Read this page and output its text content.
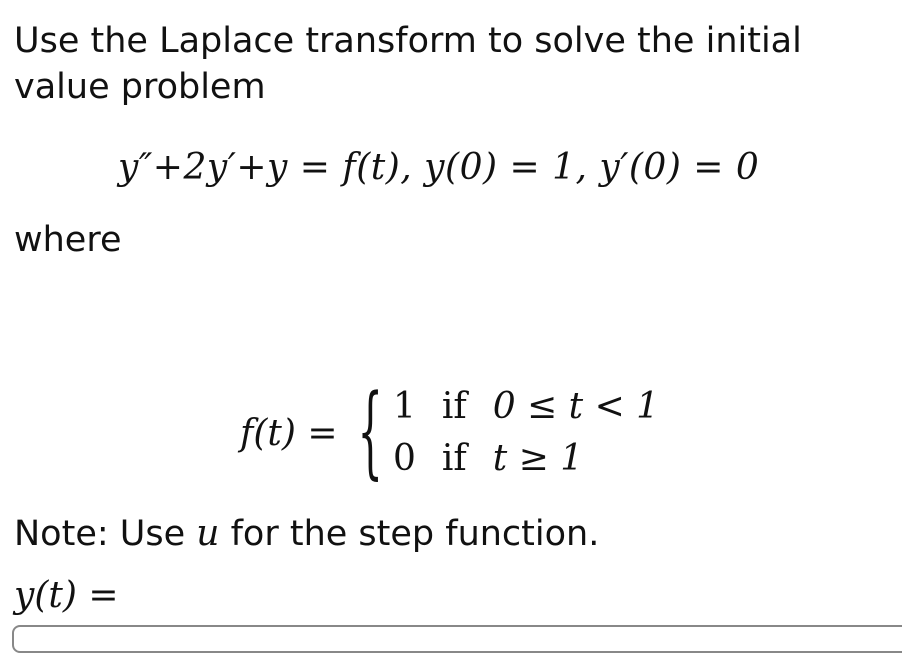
Use the Laplace transform to solve the initial value problem

y″+2y′+y = f(t), y(0) = 1, y′(0) = 0
where
f(t) = { 1 if 0 ≤ t < 1
0 if t ≥ 1
Note: Use u for the step function.
y(t) =
